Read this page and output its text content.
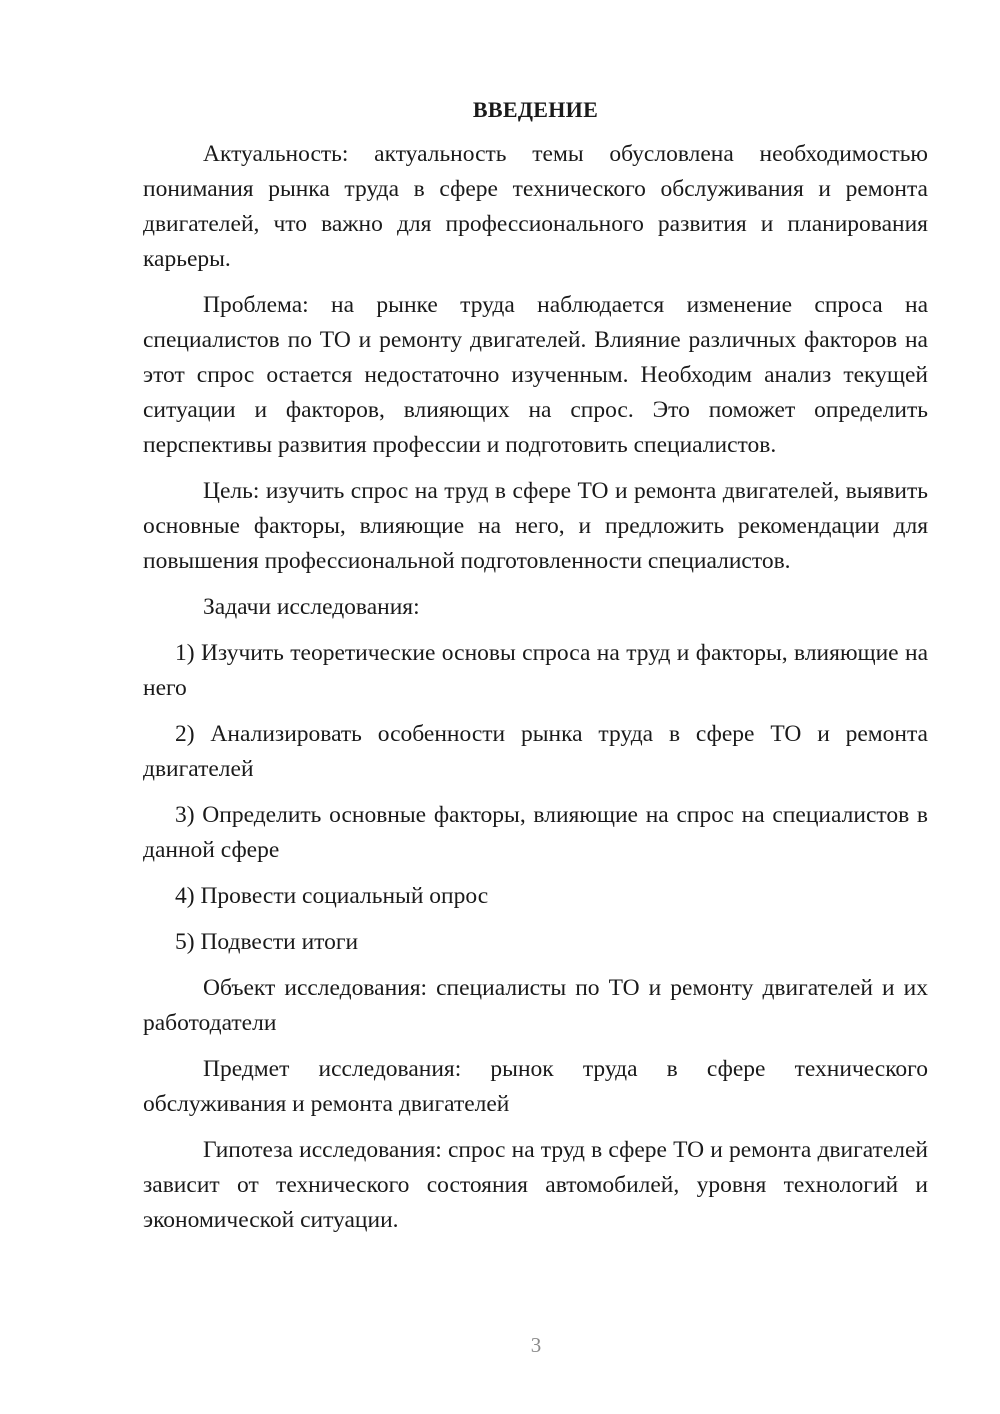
ВВЕДЕНИЕ

Актуальность: актуальность темы обусловлена необходимостью понимания рынка труда в сфере технического обслуживания и ремонта двигателей, что важно для профессионального развития и планирования карьеры.

Проблема: на рынке труда наблюдается изменение спроса на специалистов по ТО и ремонту двигателей. Влияние различных факторов на этот спрос остается недостаточно изученным. Необходим анализ текущей ситуации и факторов, влияющих на спрос. Это поможет определить перспективы развития профессии и подготовить специалистов.

Цель: изучить спрос на труд в сфере ТО и ремонта двигателей, выявить основные факторы, влияющие на него, и предложить рекомендации для повышения профессиональной подготовленности специалистов.

Задачи исследования:

1) Изучить теоретические основы спроса на труд и факторы, влияющие на него
2) Анализировать особенности рынка труда в сфере ТО и ремонта двигателей
3) Определить основные факторы, влияющие на спрос на специалистов в данной сфере
4) Провести социальный опрос
5) Подвести итоги

Объект исследования: специалисты по ТО и ремонту двигателей и их работодатели

Предмет исследования: рынок труда в сфере технического обслуживания и ремонта двигателей

Гипотеза исследования: спрос на труд в сфере ТО и ремонта двигателей зависит от технического состояния автомобилей, уровня технологий и экономической ситуации.

3
